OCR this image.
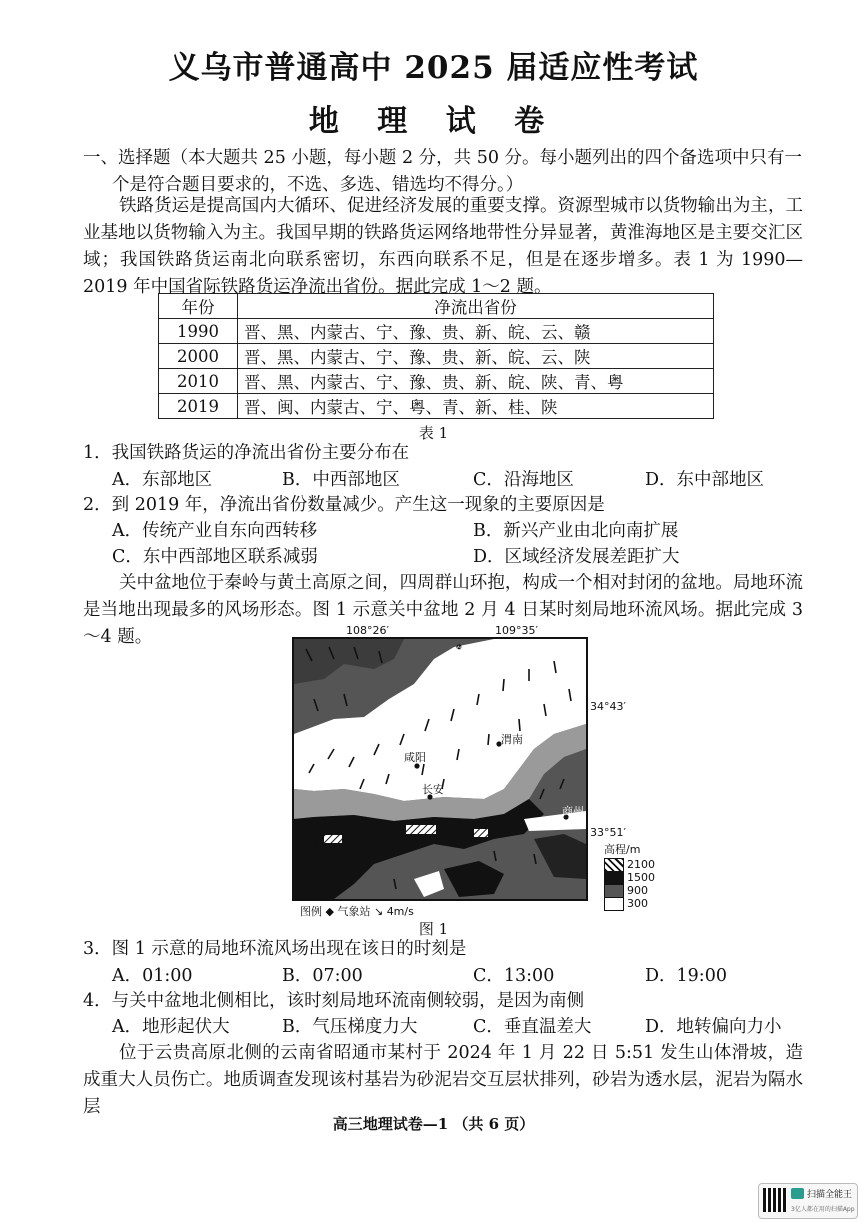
义乌市普通高中 2025 届适应性考试
地 理 试 卷
一、选择题（本大题共 25 小题，每小题 2 分，共 50 分。每小题列出的四个备选项中只有一
个是符合题目要求的，不选、多选、错选均不得分。）
铁路货运是提高国内大循环、促进经济发展的重要支撑。资源型城市以货物输出为主，工业基地以货物输入为主。我国早期的铁路货运网络地带性分异显著，黄淮海地区是主要交汇区域；我国铁路货运南北向联系密切，东西向联系不足，但是在逐步增多。表 1 为 1990—2019 年中国省际铁路货运净流出省份。据此完成 1～2 题。
年份	净流出省份
1990	晋、黑、内蒙古、宁、豫、贵、新、皖、云、赣
2000	晋、黑、内蒙古、宁、豫、贵、新、皖、云、陕
2010	晋、黑、内蒙古、宁、豫、贵、新、皖、陕、青、粤
2019	晋、闽、内蒙古、宁、粤、青、新、桂、陕
表 1
1．我国铁路货运的净流出省份主要分布在
A．东部地区	B．中西部地区	C．沿海地区	D．东中部地区
2．到 2019 年，净流出省份数量减少。产生这一现象的主要原因是
A．传统产业自东向西转移	B．新兴产业由北向南扩展
C．东中西部地区联系减弱	D．区域经济发展差距扩大
关中盆地位于秦岭与黄土高原之间，四周群山环抱，构成一个相对封闭的盆地。局地环流是当地出现最多的风场形态。图 1 示意关中盆地 2 月 4 日某时刻局地环流风场。据此完成 3～4 题。	108°26′	109°35′
34°43′
33°51′
铜川
渭南
咸阳
长安
商州
高程/m
2100
1500
900
300
图例 ◆ 气象站 ↘ 4m/s
图 1
3．图 1 示意的局地环流风场出现在该日的时刻是
A．01:00	B．07:00	C．13:00	D．19:00
4．与关中盆地北侧相比，该时刻局地环流南侧较弱，是因为南侧
A．地形起伏大	B．气压梯度力大	C．垂直温差大	D．地转偏向力小
位于云贵高原北侧的云南省昭通市某村于 2024 年 1 月 22 日 5:51 发生山体滑坡，造成重大人员伤亡。地质调查发现该村基岩为砂泥岩交互层状排列，砂岩为透水层，泥岩为隔水层
高三地理试卷—1 （共 6 页）
扫描全能王
3亿人都在用的扫描App
